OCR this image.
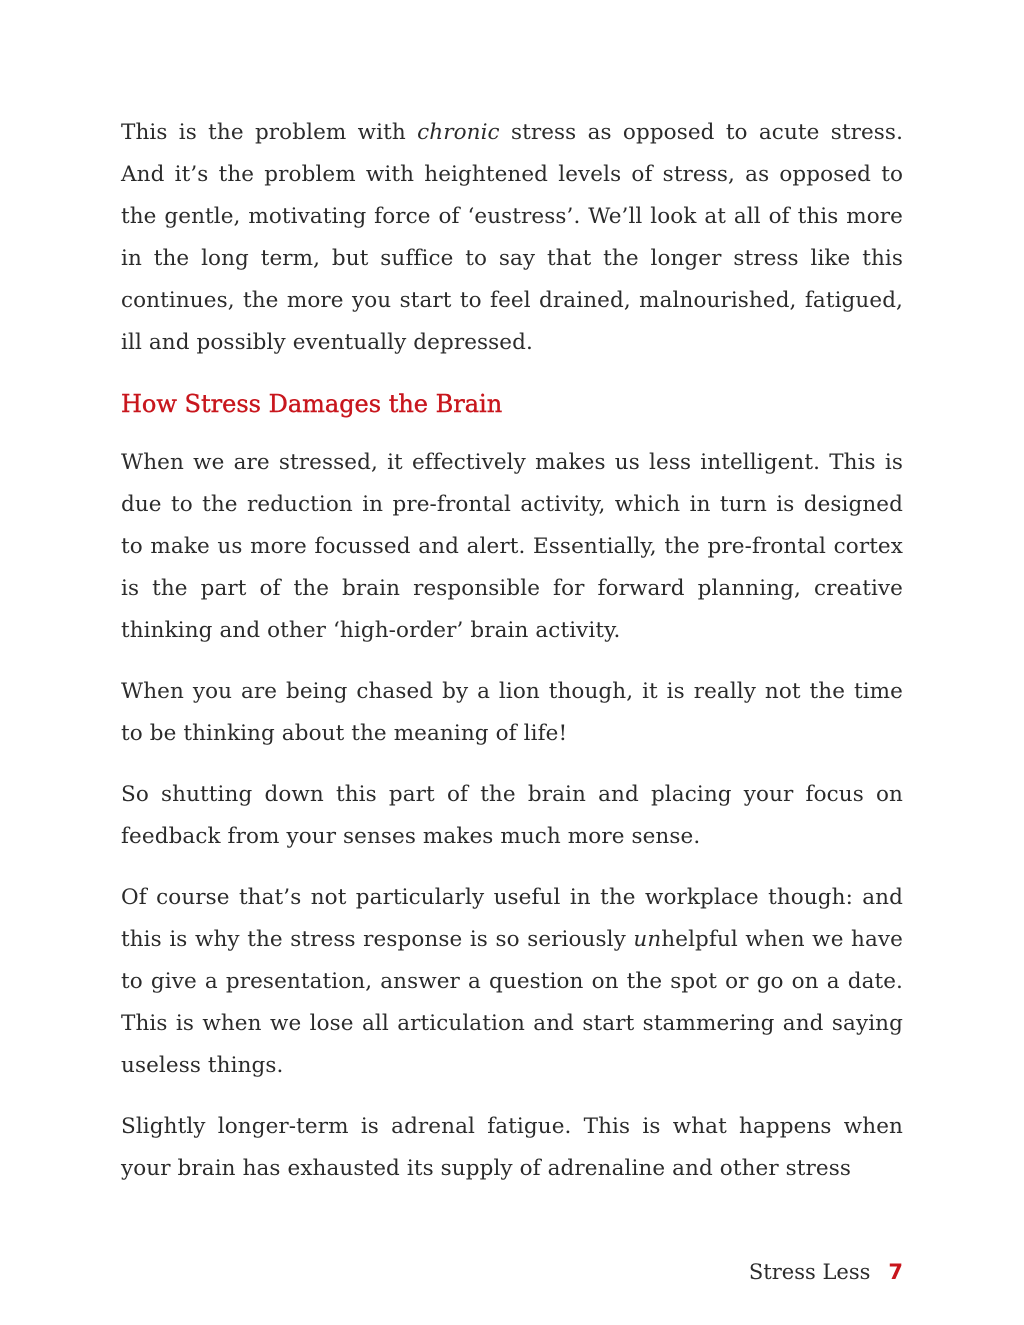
This is the problem with chronic stress as opposed to acute stress. And it’s the problem with heightened levels of stress, as opposed to the gentle, motivating force of ‘eustress’. We’ll look at all of this more in the long term, but suffice to say that the longer stress like this continues, the more you start to feel drained, malnourished, fatigued, ill and possibly eventually depressed.

How Stress Damages the Brain

When we are stressed, it effectively makes us less intelligent. This is due to the reduction in pre-frontal activity, which in turn is designed to make us more focussed and alert. Essentially, the pre-frontal cortex is the part of the brain responsible for forward planning, creative thinking and other ‘high-order’ brain activity.

When you are being chased by a lion though, it is really not the time to be thinking about the meaning of life!

So shutting down this part of the brain and placing your focus on feedback from your senses makes much more sense.

Of course that’s not particularly useful in the workplace though: and this is why the stress response is so seriously unhelpful when we have to give a presentation, answer a question on the spot or go on a date. This is when we lose all articulation and start stammering and saying useless things.

Slightly longer-term is adrenal fatigue. This is what happens when your brain has exhausted its supply of adrenaline and other stress

Stress Less 7
